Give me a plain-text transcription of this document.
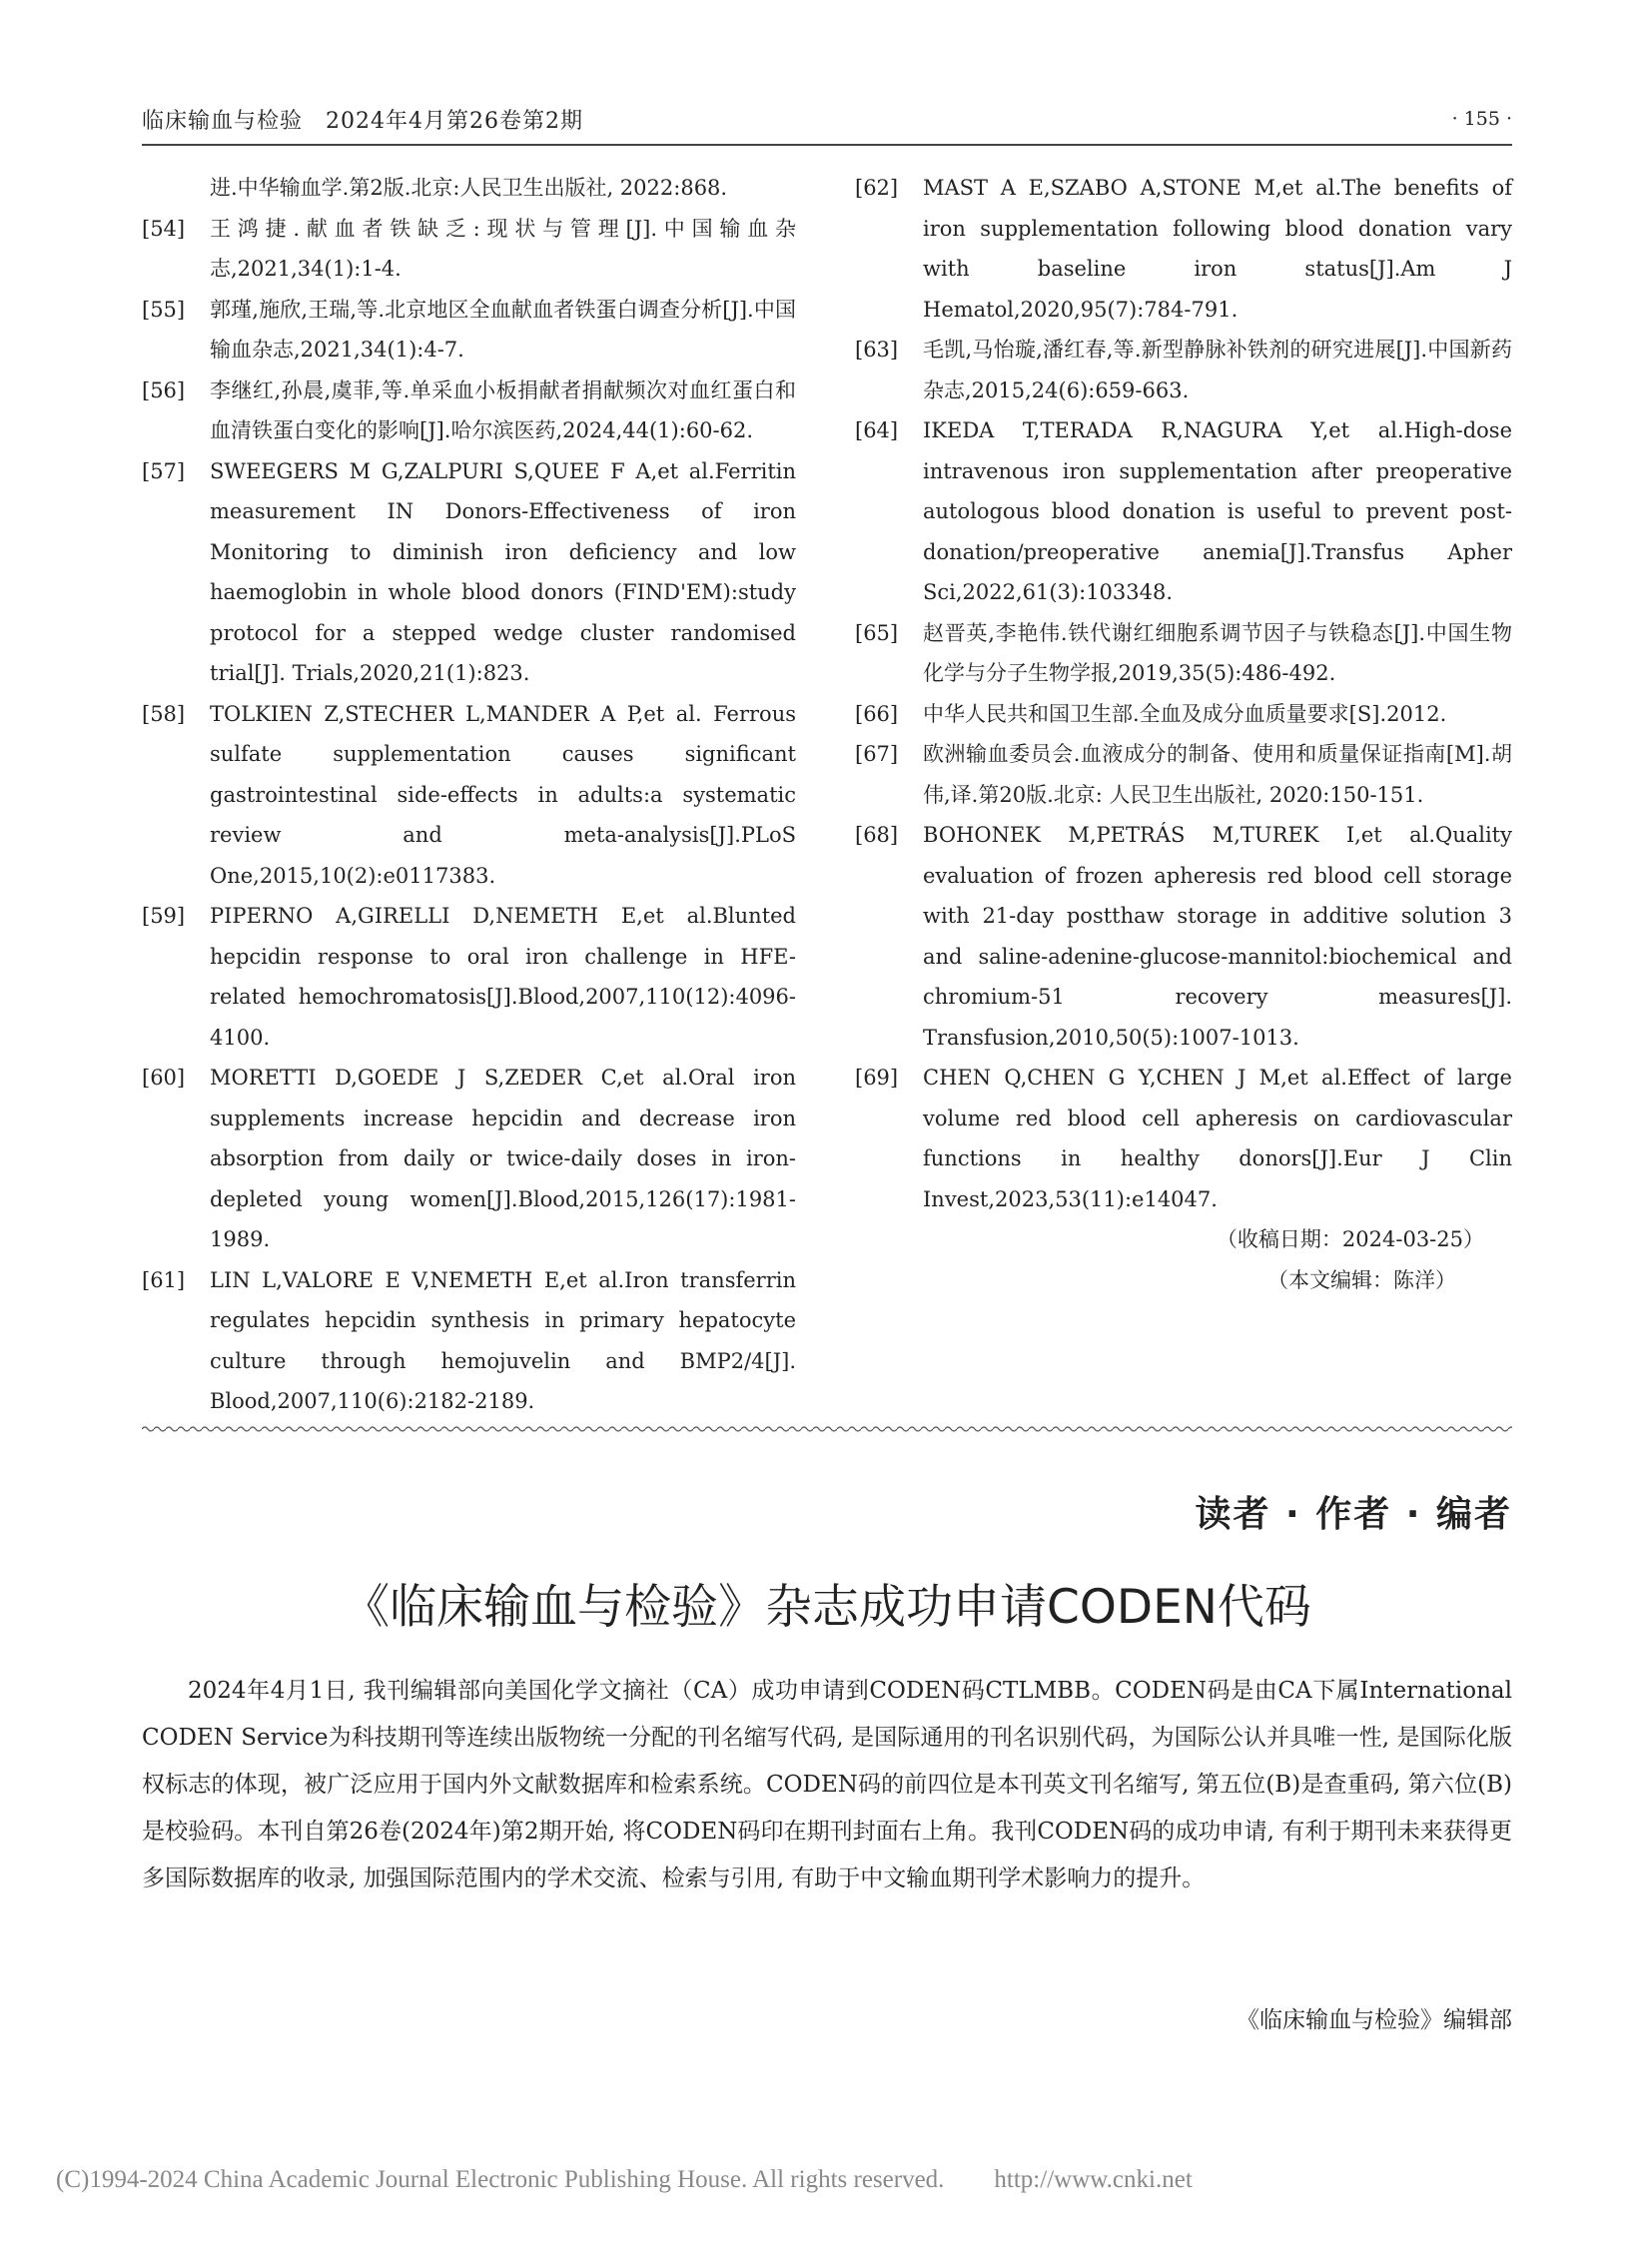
临床输血与检验　2024年4月第26卷第2期	· 155 ·

进.中华输血学.第2版.北京:人民卫生出版社, 2022:868.

[54] 王鸿捷.献血者铁缺乏:现状与管理[J].中国输血杂志,2021,34(1):1-4.

[55] 郭瑾,施欣,王瑞,等.北京地区全血献血者铁蛋白调查分析[J].中国输血杂志,2021,34(1):4-7.

[56] 李继红,孙晨,虞菲,等.单采血小板捐献者捐献频次对血红蛋白和血清铁蛋白变化的影响[J].哈尔滨医药,2024,44(1):60-62.

[57] SWEEGERS M G,ZALPURI S,QUEE F A,et al.Ferritin measurement IN Donors-Effectiveness of iron Monitoring to diminish iron deficiency and low haemoglobin in whole blood donors (FIND'EM):study protocol for a stepped wedge cluster randomised trial[J]. Trials,2020,21(1):823.

[58] TOLKIEN Z,STECHER L,MANDER A P,et al. Ferrous sulfate supplementation causes significant gastrointestinal side-effects in adults:a systematic review and meta-analysis[J].PLoS One,2015,10(2):e0117383.

[59] PIPERNO A,GIRELLI D,NEMETH E,et al.Blunted hepcidin response to oral iron challenge in HFE-related hemochromatosis[J].Blood,2007,110(12):4096-4100.

[60] MORETTI D,GOEDE J S,ZEDER C,et al.Oral iron supplements increase hepcidin and decrease iron absorption from daily or twice-daily doses in iron-depleted young women[J].Blood,2015,126(17):1981-1989.

[61] LIN L,VALORE E V,NEMETH E,et al.Iron transferrin regulates hepcidin synthesis in primary hepatocyte culture through hemojuvelin and BMP2/4[J]. Blood,2007,110(6):2182-2189.

[62] MAST A E,SZABO A,STONE M,et al.The benefits of iron supplementation following blood donation vary with baseline iron status[J].Am J Hematol,2020,95(7):784-791.

[63] 毛凯,马怡璇,潘红春,等.新型静脉补铁剂的研究进展[J].中国新药杂志,2015,24(6):659-663.

[64] IKEDA T,TERADA R,NAGURA Y,et al.High-dose intravenous iron supplementation after preoperative autologous blood donation is useful to prevent post-donation/preoperative anemia[J].Transfus Apher Sci,2022,61(3):103348.

[65] 赵晋英,李艳伟.铁代谢红细胞系调节因子与铁稳态[J].中国生物化学与分子生物学报,2019,35(5):486-492.

[66] 中华人民共和国卫生部.全血及成分血质量要求[S].2012.

[67] 欧洲输血委员会.血液成分的制备、使用和质量保证指南[M].胡伟,译.第20版.北京: 人民卫生出版社, 2020:150-151.

[68] BOHONEK M,PETRÁS M,TUREK I,et al.Quality evaluation of frozen apheresis red blood cell storage with 21-day postthaw storage in additive solution 3 and saline-adenine-glucose-mannitol:biochemical and chromium-51 recovery measures[J]. Transfusion,2010,50(5):1007-1013.

[69] CHEN Q,CHEN G Y,CHEN J M,et al.Effect of large volume red blood cell apheresis on cardiovascular functions in healthy donors[J].Eur J Clin Invest,2023,53(11):e14047.

（收稿日期：2024-03-25）
（本文编辑：陈洋）
读者 · 作者 · 编者
《临床输血与检验》杂志成功申请CODEN代码

2024年4月1日, 我刊编辑部向美国化学文摘社（CA）成功申请到CODEN码CTLMBB。CODEN码是由CA下属International CODEN Service为科技期刊等连续出版物统一分配的刊名缩写代码, 是国际通用的刊名识别代码，为国际公认并具唯一性, 是国际化版权标志的体现，被广泛应用于国内外文献数据库和检索系统。CODEN码的前四位是本刊英文刊名缩写, 第五位(B)是查重码, 第六位(B)是校验码。本刊自第26卷(2024年)第2期开始, 将CODEN码印在期刊封面右上角。我刊CODEN码的成功申请, 有利于期刊未来获得更多国际数据库的收录, 加强国际范围内的学术交流、检索与引用, 有助于中文输血期刊学术影响力的提升。

《临床输血与检验》编辑部
(C)1994-2024 China Academic Journal Electronic Publishing House. All rights reserved.　　http://www.cnki.net
